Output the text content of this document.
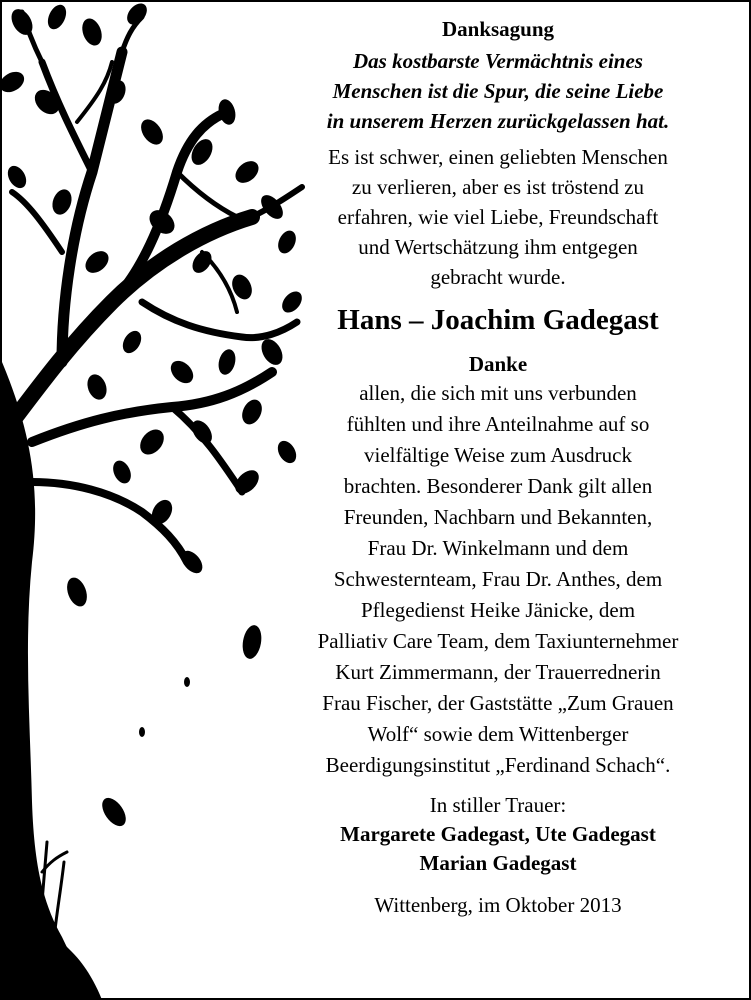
Danksagung
Das kostbarste Vermächtnis eines
Menschen ist die Spur, die seine Liebe
in unserem Herzen zurückgelassen hat.
Es ist schwer, einen geliebten Menschen
zu verlieren, aber es ist tröstend zu
erfahren, wie viel Liebe, Freundschaft
und Wertschätzung ihm entgegen
gebracht wurde.
Hans – Joachim Gadegast
Danke
allen, die sich mit uns verbunden
fühlten und ihre Anteilnahme auf so
vielfältige Weise zum Ausdruck
brachten. Besonderer Dank gilt allen
Freunden, Nachbarn und Bekannten,
Frau Dr. Winkelmann und dem
Schwesternteam, Frau Dr. Anthes, dem
Pflegedienst Heike Jänicke, dem
Palliativ Care Team, dem Taxiunternehmer
Kurt Zimmermann, der Trauerrednerin
Frau Fischer, der Gaststätte „Zum Grauen
Wolf“ sowie dem Wittenberger
Beerdigungsinstitut „Ferdinand Schach“.
In stiller Trauer:
Margarete Gadegast, Ute Gadegast
Marian Gadegast
Wittenberg, im Oktober 2013
